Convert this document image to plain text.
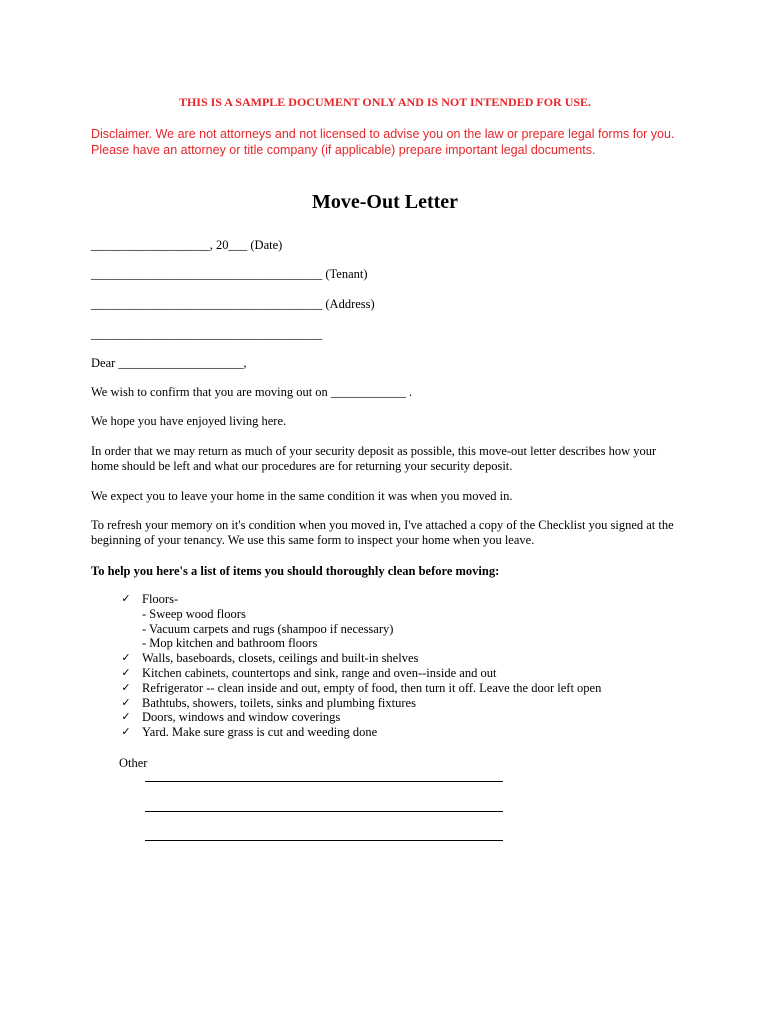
THIS IS A SAMPLE DOCUMENT ONLY AND IS NOT INTENDED FOR USE.
Disclaimer. We are not attorneys and not licensed to advise you on the law or prepare legal forms for you.
Please have an attorney or title company (if applicable) prepare important legal documents.
Move-Out Letter
___________________, 20___ (Date)
_____________________________________ (Tenant)
_____________________________________ (Address)
_____________________________________
Dear ____________________,
We wish to confirm that you are moving out on ____________ .
We hope you have enjoyed living here.
In order that we may return as much of your security deposit as possible, this move-out letter describes how your
home should be left and what our procedures are for returning your security deposit.
We expect you to leave your home in the same condition it was when you moved in.
To refresh your memory on it's condition when you moved in, I've attached a copy of the Checklist you signed at the
beginning of your tenancy. We use this same form to inspect your home when you leave.
To help you here's a list of items you should thoroughly clean before moving:
✓ Floors-
- Sweep wood floors
- Vacuum carpets and rugs (shampoo if necessary)
- Mop kitchen and bathroom floors
✓ Walls, baseboards, closets, ceilings and built-in shelves
✓ Kitchen cabinets, countertops and sink, range and oven--inside and out
✓ Refrigerator -- clean inside and out, empty of food, then turn it off. Leave the door left open
✓ Bathtubs, showers, toilets, sinks and plumbing fixtures
✓ Doors, windows and window coverings
✓ Yard. Make sure grass is cut and weeding done
Other
